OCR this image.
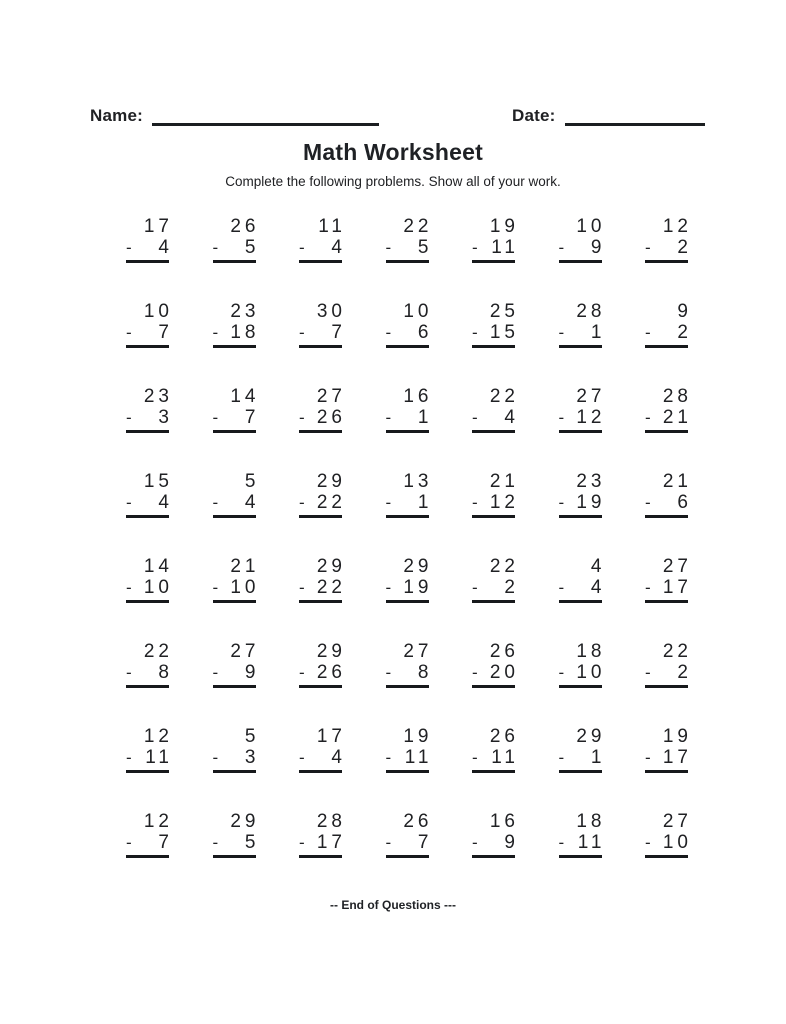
Name:	Date:
Math Worksheet
Complete the following problems. Show all of your work.
17
- 4
26
- 5
11
- 4
22
- 5
19
- 11
10
- 9
12
- 2
10
- 7
23
- 18
30
- 7
10
- 6
25
- 15
28
- 1
9
- 2
23
- 3
14
- 7
27
- 26
16
- 1
22
- 4
27
- 12
28
- 21
15
- 4
5
- 4
29
- 22
13
- 1
21
- 12
23
- 19
21
- 6
14
- 10
21
- 10
29
- 22
29
- 19
22
- 2
4
- 4
27
- 17
22
- 8
27
- 9
29
- 26
27
- 8
26
- 20
18
- 10
22
- 2
12
- 11
5
- 3
17
- 4
19
- 11
26
- 11
29
- 1
19
- 17
12
- 7
29
- 5
28
- 17
26
- 7
16
- 9
18
- 11
27
- 10
-- End of Questions ---
